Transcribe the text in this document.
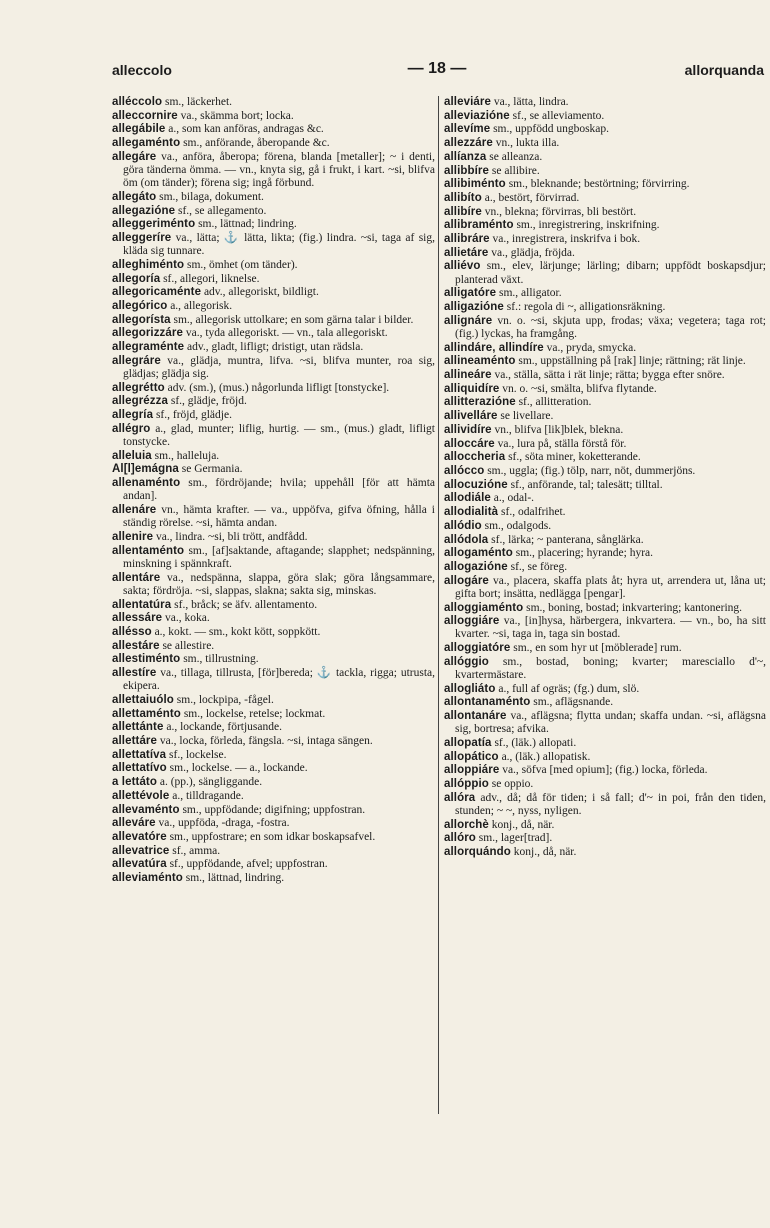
alleccolo	— 18 —	allorquanda

alléccolo sm., läckerhet.

alleccornire va., skämma bort; locka.

allegábile a., som kan anföras, andragas &c.

allegaménto sm., anförande, åberopande &c.

allegáre va., anföra, åberopa; förena, blanda [metaller]; ~ i denti, göra tänderna ömma. — vn., knyta sig, gå i frukt, i kart. ~si, blifva öm (om tänder); förena sig; ingå förbund.

allegáto sm., bilaga, dokument.

allegazióne sf., se allegamento.

alleggeriménto sm., lättnad; lindring.

alleggeríre va., lätta; ⚓ lätta, likta; (fig.) lindra. ~si, taga af sig, kläda sig tunnare.

alleghiménto sm., ömhet (om tänder).

allegoría sf., allegori, liknelse.

allegoricaménte adv., allegoriskt, bildligt.

allegórico a., allegorisk.

allegorísta sm., allegorisk uttolkare; en som gärna talar i bilder.

allegorizzáre va., tyda allegoriskt. — vn., tala allegoriskt.

allegraménte adv., gladt, lifligt; dristigt, utan rädsla.

allegráre va., glädja, muntra, lifva. ~si, blifva munter, roa sig, glädjas; glädja sig.

allegrétto adv. (sm.), (mus.) någorlunda lifligt [tonstycke].

allegrézza sf., glädje, fröjd.

allegría sf., fröjd, glädje.

allégro a., glad, munter; liflig, hurtig. — sm., (mus.) gladt, lifligt tonstycke.

alleluia sm., halleluja.

Al[l]emágna se Germania.

allenaménto sm., fördröjande; hvila; uppehåll [för att hämta andan].

allenáre vn., hämta krafter. — va., uppöfva, gifva öfning, hålla i ständig rörelse. ~si, hämta andan.

allenire va., lindra. ~si, bli trött, andfådd.

allentaménto sm., [af]saktande, aftagande; slapphet; nedspänning, minskning i spännkraft.

allentáre va., nedspänna, slappa, göra slak; göra långsammare, sakta; fördröja. ~si, slappas, slakna; sakta sig, minskas.

allentatúra sf., bråck; se äfv. allentamento.

allessáre va., koka.

allésso a., kokt. — sm., kokt kött, soppkött.

allestáre se allestire.

allestiménto sm., tillrustning.

allestíre va., tillaga, tillrusta, [för]bereda; ⚓ tackla, rigga; utrusta, ekipera.

allettaiuólo sm., lockpipa, -fågel.

allettaménto sm., lockelse, retelse; lockmat.

allettánte a., lockande, förtjusande.

allettáre va., locka, förleda, fängsla. ~si, intaga sängen.

allettatíva sf., lockelse.

allettatívo sm., lockelse. — a., lockande.

a lettáto a. (pp.), sängliggande.

allettévole a., tilldragande.

allevaménto sm., uppfödande; digifning; uppfostran.

alleváre va., uppföda, -draga, -fostra.

allevatóre sm., uppfostrare; en som idkar boskapsafvel.

allevatrice sf., amma.

allevatúra sf., uppfödande, afvel; uppfostran.

alleviaménto sm., lättnad, lindring.

alleviáre va., lätta, lindra.

alleviazióne sf., se alleviamento.

allevíme sm., uppfödd ungboskap.

allezzáre vn., lukta illa.

allíanza se alleanza.

allibbíre se allibire.

allibiménto sm., bleknande; bestörtning; förvirring.

allibíto a., bestört, förvirrad.

allibíre vn., blekna; förvirras, bli bestört.

allibraménto sm., inregistrering, inskrifning.

allibráre va., inregistrera, inskrifva i bok.

allietáre va., glädja, fröjda.

alliévo sm., elev, lärjunge; lärling; dibarn; uppfödt boskapsdjur; planterad växt.

alligatóre sm., alligator.

alligazióne sf.: regola di ~, alligationsräkning.

allignáre vn. o. ~si, skjuta upp, frodas; växa; vegetera; taga rot; (fig.) lyckas, ha framgång.

allindáre, allindíre va., pryda, smycka.

allineaménto sm., uppställning på [rak] linje; rättning; rät linje.

allineáre va., ställa, sätta i rät linje; rätta; bygga efter snöre.

alliquidíre vn. o. ~si, smälta, blifva flytande.

allitterazióne sf., allitteration.

allivelláre se livellare.

allividíre vn., blifva [lik]blek, blekna.

alloccáre va., lura på, ställa förstå för.

alloccheria sf., söta miner, koketterande.

allócco sm., uggla; (fig.) tölp, narr, nöt, dummerjöns.

allocuzióne sf., anförande, tal; talesätt; tilltal.

allodiále a., odal-.

allodialità sf., odalfrihet.

allódio sm., odalgods.

allódola sf., lärka; ~ panterana, sånglärka.

allogaménto sm., placering; hyrande; hyra.

allogazióne sf., se föreg.

allogáre va., placera, skaffa plats åt; hyra ut, arrendera ut, låna ut; gifta bort; insätta, nedlägga [pengar].

alloggiaménto sm., boning, bostad; inkvartering; kantonering.

alloggiáre va., [in]hysa, härbergera, inkvartera. — vn., bo, ha sitt kvarter. ~si, taga in, taga sin bostad.

alloggiatóre sm., en som hyr ut [möblerade] rum.

allóggio sm., bostad, boning; kvarter; maresciallo d'~, kvartermästare.

allogliáto a., full af ogräs; (fg.) dum, slö.

allontanaménto sm., aflägsnande.

allontanáre va., aflägsna; flytta undan; skaffa undan. ~si, aflägsna sig, bortresa; afvika.

allopatía sf., (läk.) allopati.

allopático a., (läk.) allopatisk.

alloppiáre va., söfva [med opium]; (fig.) locka, förleda.

allóppio se oppio.

allóra adv., då; då för tiden; i så fall; d'~ in poi, från den tiden, stunden; ~ ~, nyss, nyligen.

allorchè konj., då, när.

allóro sm., lager[trad].

allorquándo konj., då, när.
